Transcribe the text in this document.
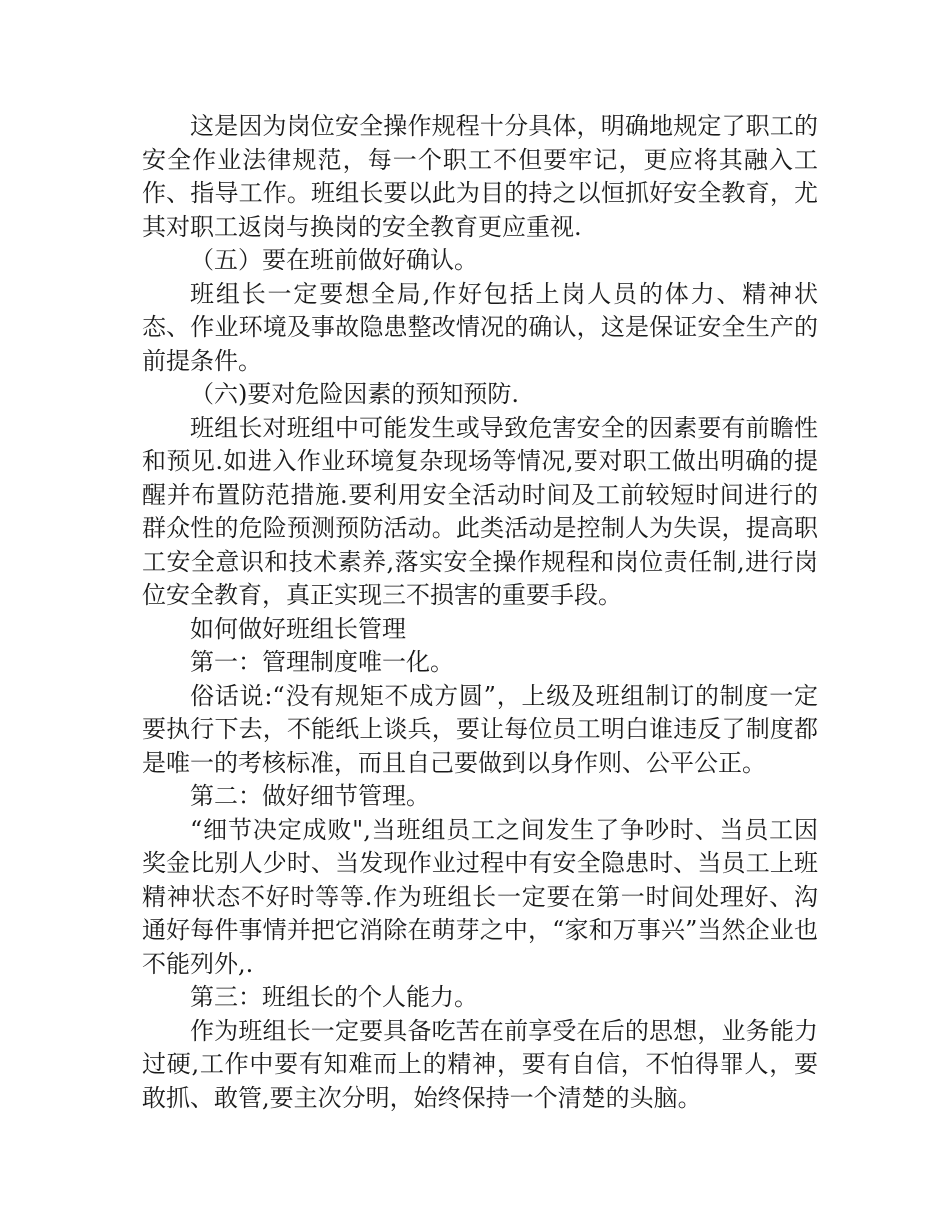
这是因为岗位安全操作规程十分具体，明确地规定了职工的安全作业法律规范，每一个职工不但要牢记，更应将其融入工作、指导工作。班组长要以此为目的持之以恒抓好安全教育，尤其对职工返岗与换岗的安全教育更应重视.

（五）要在班前做好确认。

班组长一定要想全局,作好包括上岗人员的体力、精神状态、作业环境及事故隐患整改情况的确认，这是保证安全生产的前提条件。

（六)要对危险因素的预知预防.

班组长对班组中可能发生或导致危害安全的因素要有前瞻性和预见.如进入作业环境复杂现场等情况,要对职工做出明确的提醒并布置防范措施.要利用安全活动时间及工前较短时间进行的群众性的危险预测预防活动。此类活动是控制人为失误，提高职工安全意识和技术素养,落实安全操作规程和岗位责任制,进行岗位安全教育，真正实现三不损害的重要手段。

如何做好班组长管理

第一：管理制度唯一化。

俗话说:“没有规矩不成方圆”，上级及班组制订的制度一定要执行下去，不能纸上谈兵，要让每位员工明白谁违反了制度都是唯一的考核标准，而且自己要做到以身作则、公平公正。

第二：做好细节管理。

“细节决定成败",当班组员工之间发生了争吵时、当员工因奖金比别人少时、当发现作业过程中有安全隐患时、当员工上班精神状态不好时等等.作为班组长一定要在第一时间处理好、沟通好每件事情并把它消除在萌芽之中，“家和万事兴”当然企业也不能列外,.

第三：班组长的个人能力。

作为班组长一定要具备吃苦在前享受在后的思想，业务能力过硬,工作中要有知难而上的精神，要有自信，不怕得罪人，要敢抓、敢管,要主次分明，始终保持一个清楚的头脑。
